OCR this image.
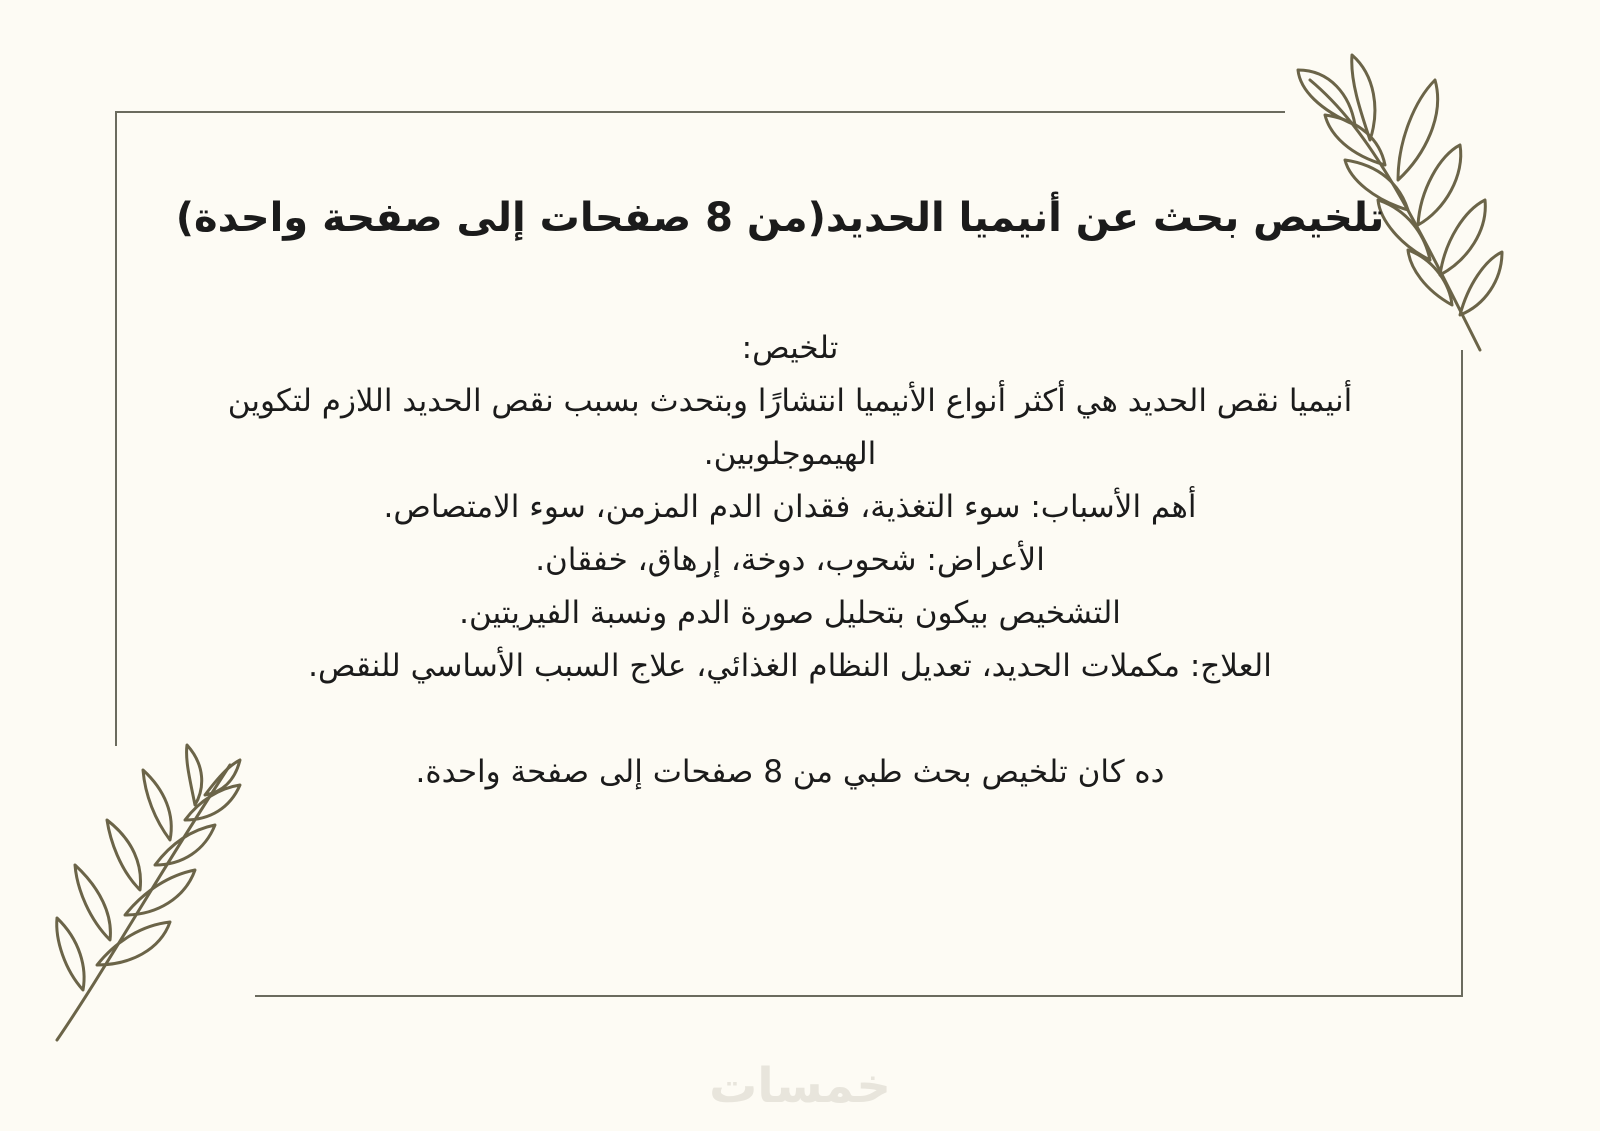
تلخيص بحث عن أنيميا الحديد(من 8 صفحات إلى صفحة واحدة)
تلخيص:
أنيميا نقص الحديد هي أكثر أنواع الأنيميا انتشارًا وبتحدث بسبب نقص الحديد اللازم لتكوين
الهيموجلوبين.
أهم الأسباب: سوء التغذية، فقدان الدم المزمن، سوء الامتصاص.
الأعراض: شحوب، دوخة، إرهاق، خفقان.
التشخيص بيكون بتحليل صورة الدم ونسبة الفيريتين.
العلاج: مكملات الحديد، تعديل النظام الغذائي، علاج السبب الأساسي للنقص.
ده كان تلخيص بحث طبي من 8 صفحات إلى صفحة واحدة.
خمسات
